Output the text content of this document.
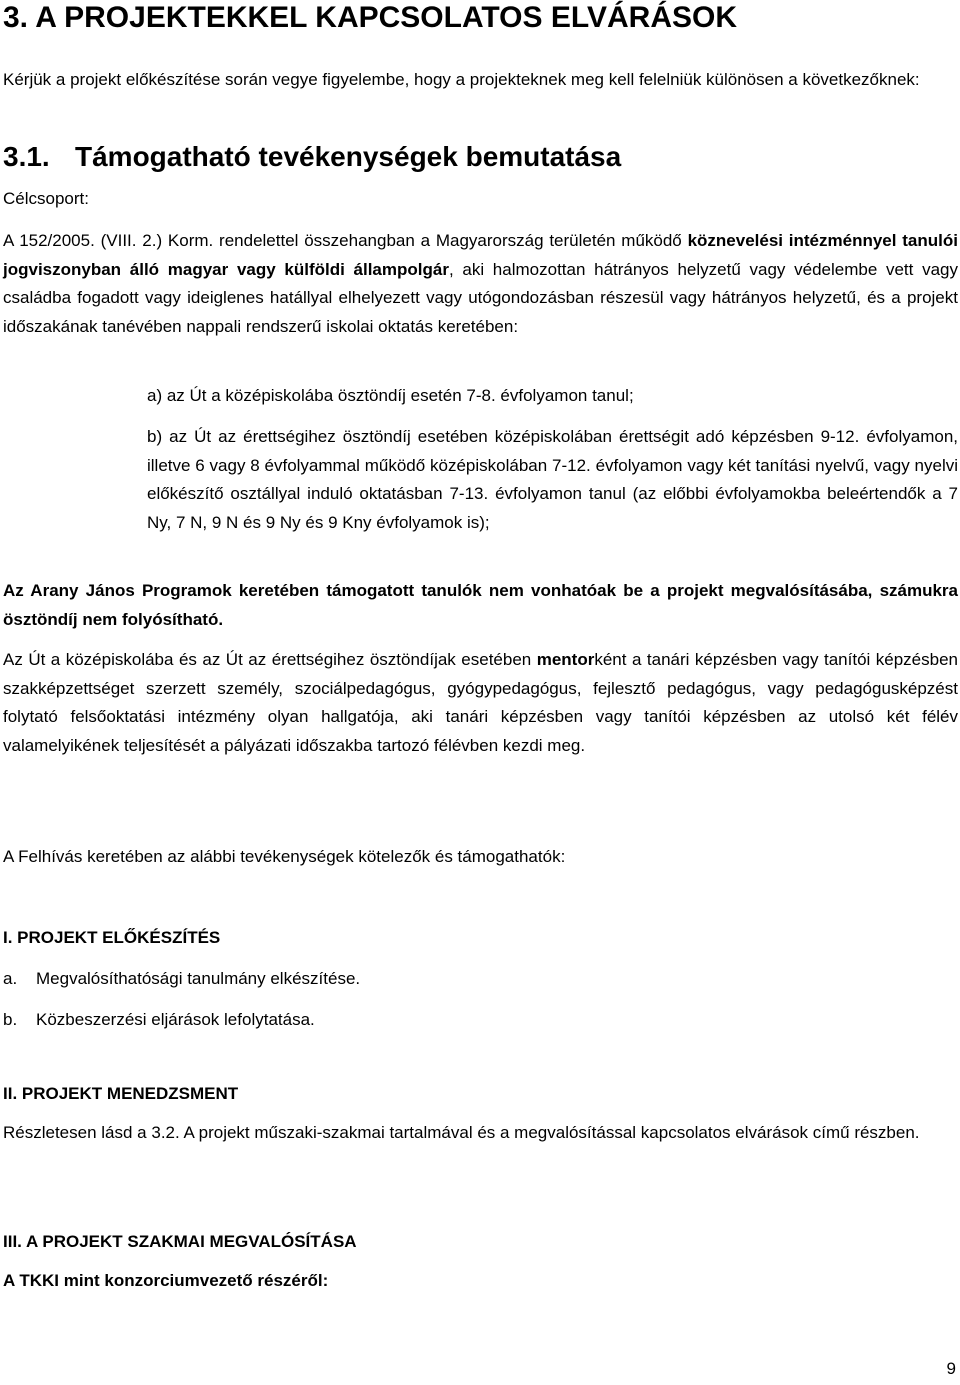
3. A PROJEKTEKKEL KAPCSOLATOS ELVÁRÁSOK

Kérjük a projekt előkészítése során vegye figyelembe, hogy a projekteknek meg kell felelniük különösen a következőknek:

3.1. Támogatható tevékenységek bemutatása

Célcsoport:

A 152/2005. (VIII. 2.) Korm. rendelettel összehangban a Magyarország területén működő köznevelési intézménnyel tanulói jogviszonyban álló magyar vagy külföldi állampolgár, aki halmozottan hátrányos helyzetű vagy védelembe vett vagy családba fogadott vagy ideiglenes hatállyal elhelyezett vagy utógondozásban részesül vagy hátrányos helyzetű, és a projekt időszakának tanévében nappali rendszerű iskolai oktatás keretében:

a) az Út a középiskolába ösztöndíj esetén 7-8. évfolyamon tanul;

b) az Út az érettségihez ösztöndíj esetében középiskolában érettségit adó képzésben 9-12. évfolyamon, illetve 6 vagy 8 évfolyammal működő középiskolában 7-12. évfolyamon vagy két tanítási nyelvű, vagy nyelvi előkészítő osztállyal induló oktatásban 7-13. évfolyamon tanul (az előbbi évfolyamokba beleértendők a 7 Ny, 7 N, 9 N és 9 Ny és 9 Kny évfolyamok is);

Az Arany János Programok keretében támogatott tanulók nem vonhatóak be a projekt megvalósításába, számukra ösztöndíj nem folyósítható.

Az Út a középiskolába és az Út az érettségihez ösztöndíjak esetében mentorként a tanári képzésben vagy tanítói képzésben szakképzettséget szerzett személy, szociálpedagógus, gyógypedagógus, fejlesztő pedagógus, vagy pedagógusképzést folytató felsőoktatási intézmény olyan hallgatója, aki tanári képzésben vagy tanítói képzésben az utolsó két félév valamelyikének teljesítését a pályázati időszakba tartozó félévben kezdi meg.

A Felhívás keretében az alábbi tevékenységek kötelezők és támogathatók:

I. PROJEKT ELŐKÉSZÍTÉS

a. Megvalósíthatósági tanulmány elkészítése.
b. Közbeszerzési eljárások lefolytatása.

II. PROJEKT MENEDZSMENT

Részletesen lásd a 3.2. A projekt műszaki-szakmai tartalmával és a megvalósítással kapcsolatos elvárások című részben.

III. A PROJEKT SZAKMAI MEGVALÓSÍTÁSA

A TKKI mint konzorciumvezető részéről:

9
